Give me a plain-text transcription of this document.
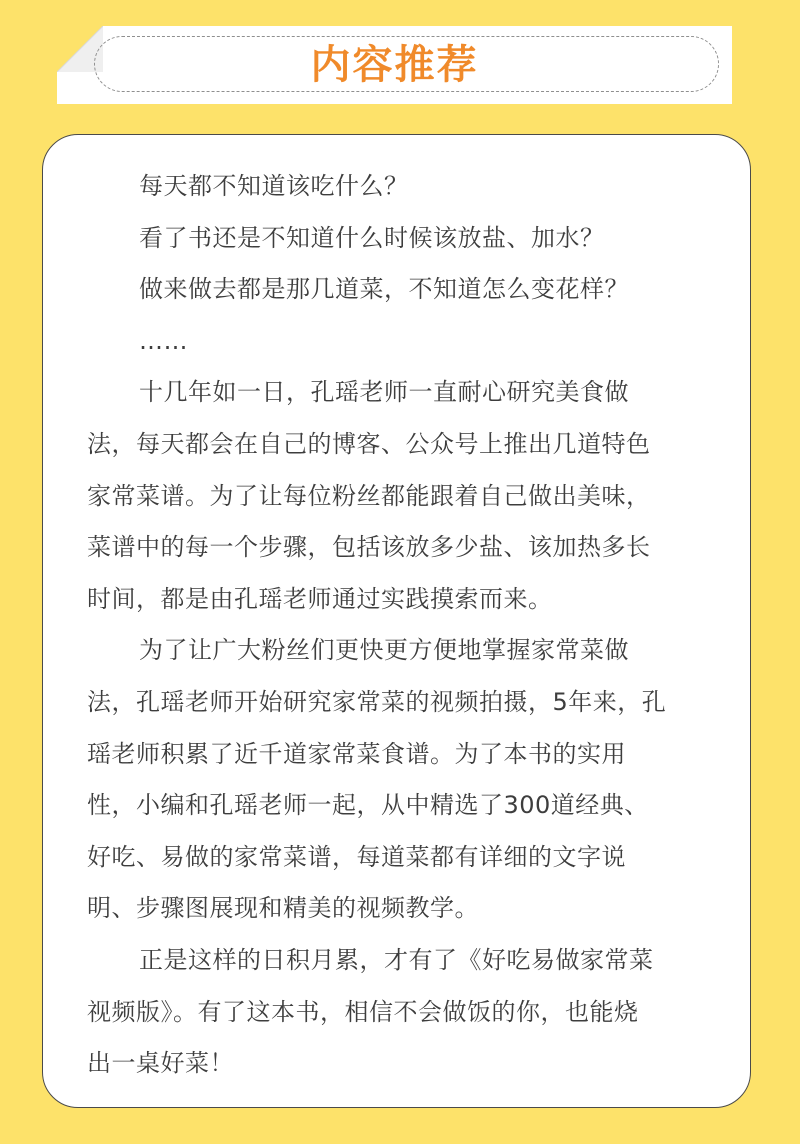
内容推荐
每天都不知道该吃什么？
看了书还是不知道什么时候该放盐、加水？
做来做去都是那几道菜，不知道怎么变花样？
……
十几年如一日，孔瑶老师一直耐心研究美食做
法，每天都会在自己的博客、公众号上推出几道特色
家常菜谱。为了让每位粉丝都能跟着自己做出美味，
菜谱中的每一个步骤，包括该放多少盐、该加热多长
时间，都是由孔瑶老师通过实践摸索而来。
为了让广大粉丝们更快更方便地掌握家常菜做
法，孔瑶老师开始研究家常菜的视频拍摄，5年来，孔
瑶老师积累了近千道家常菜食谱。为了本书的实用
性，小编和孔瑶老师一起，从中精选了300道经典、
好吃、易做的家常菜谱，每道菜都有详细的文字说
明、步骤图展现和精美的视频教学。
正是这样的日积月累，才有了《好吃易做家常菜
视频版》。有了这本书，相信不会做饭的你，也能烧
出一桌好菜！
